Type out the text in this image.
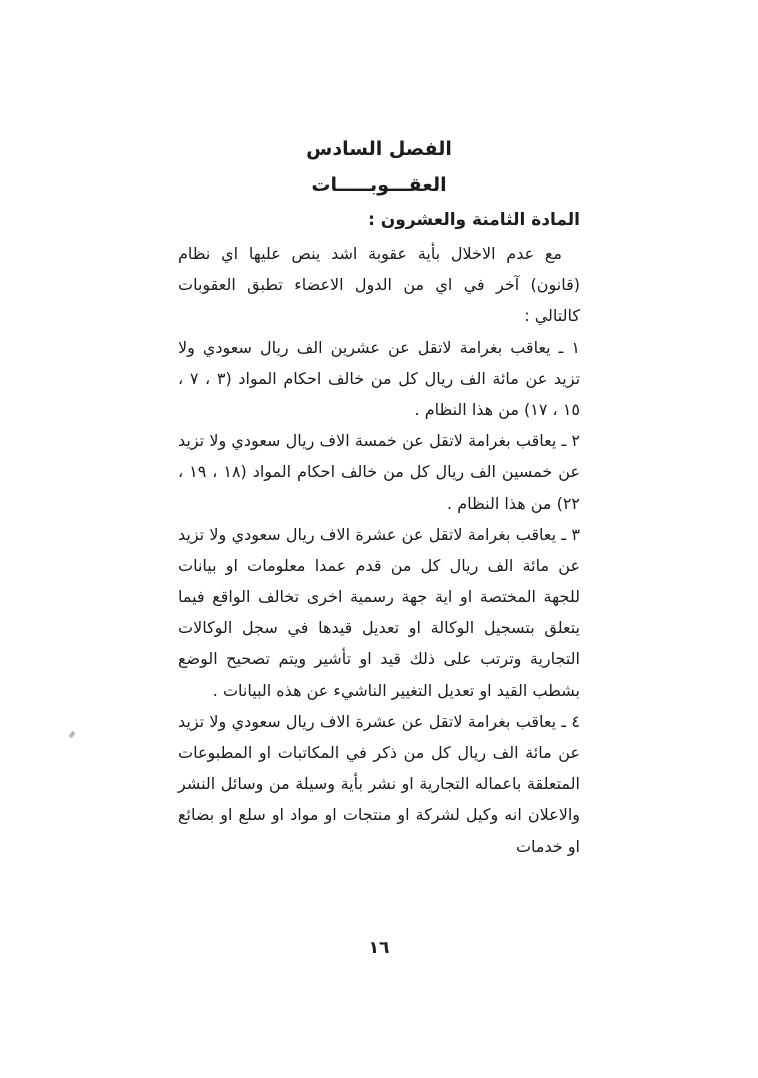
الفصل السادس
العقـــوبـــــات
المادة الثامنة والعشرون :

مع عدم الاخلال بأية عقوبة اشد ينص عليها اي نظام (قانون) آخر في اي من الدول الاعضاء تطبق العقوبات كالتالي :

١ ـ يعاقب بغرامة لاتقل عن عشرين الف ريال سعودي ولا تزيد عن مائة الف ريال كل من خالف احكام المواد (٣ ، ٧ ، ١٥ ، ١٧) من هذا النظام .

٢ ـ يعاقب بغرامة لاتقل عن خمسة الاف ريال سعودي ولا تزيد عن خمسين الف ريال كل من خالف احكام المواد (١٨ ، ١٩ ، ٢٢) من هذا النظام .

٣ ـ يعاقب بغرامة لاتقل عن عشرة الاف ريال سعودي ولا تزيد عن مائة الف ريال كل من قدم عمدا معلومات او بيانات للجهة المختصة او اية جهة رسمية اخرى تخالف الواقع فيما يتعلق بتسجيل الوكالة او تعديل قيدها في سجل الوكالات التجارية وترتب على ذلك قيد او تأشير ويتم تصحيح الوضع بشطب القيد او تعديل التغيير الناشيء عن هذه البيانات .

٤ ـ يعاقب بغرامة لاتقل عن عشرة الاف ريال سعودي ولا تزيد عن مائة الف ريال كل من ذكر في المكاتبات او المطبوعات المتعلقة باعماله التجارية او نشر بأية وسيلة من وسائل النشر والاعلان انه وكيل لشركة او منتجات او مواد او سلع او بضائع او خدمات

١٦
